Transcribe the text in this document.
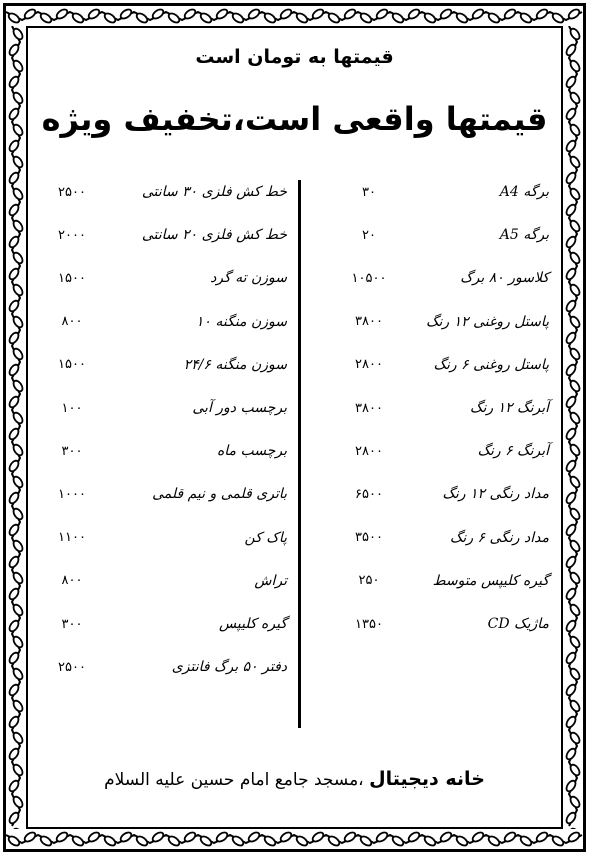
قیمتها به تومان است
قیمتها واقعی است،تخفیف ویژه
برگه A4
۳۰
برگه A5
۲۰
کلاسور ۸۰ برگ
۱۰۵۰۰
پاستل روغنی ۱۲ رنگ
۳۸۰۰
پاستل روغنی ۶ رنگ
۲۸۰۰
آبرنگ ۱۲ رنگ
۳۸۰۰
آبرنگ ۶ رنگ
۲۸۰۰
مداد رنگی ۱۲ رنگ
۶۵۰۰
مداد رنگی ۶ رنگ
۳۵۰۰
گیره کلیپس متوسط
۲۵۰
ماژیک CD
۱۳۵۰
خط کش فلزی ۳۰ سانتی
۲۵۰۰
خط کش فلزی ۲۰ سانتی
۲۰۰۰
سوزن ته گرد
۱۵۰۰
سوزن منگنه ۱۰
۸۰۰
سوزن منگنه ۲۴/۶
۱۵۰۰
برچسب دور آبی
۱۰۰
برچسب ماه
۳۰۰
باتری قلمی و نیم قلمی
۱۰۰۰
پاک کن
۱۱۰۰
تراش
۸۰۰
گیره کلیپس
۳۰۰
دفتر ۵۰ برگ فانتزی
۲۵۰۰
خانه دیجیتال ،مسجد جامع امام حسین علیه السلام
